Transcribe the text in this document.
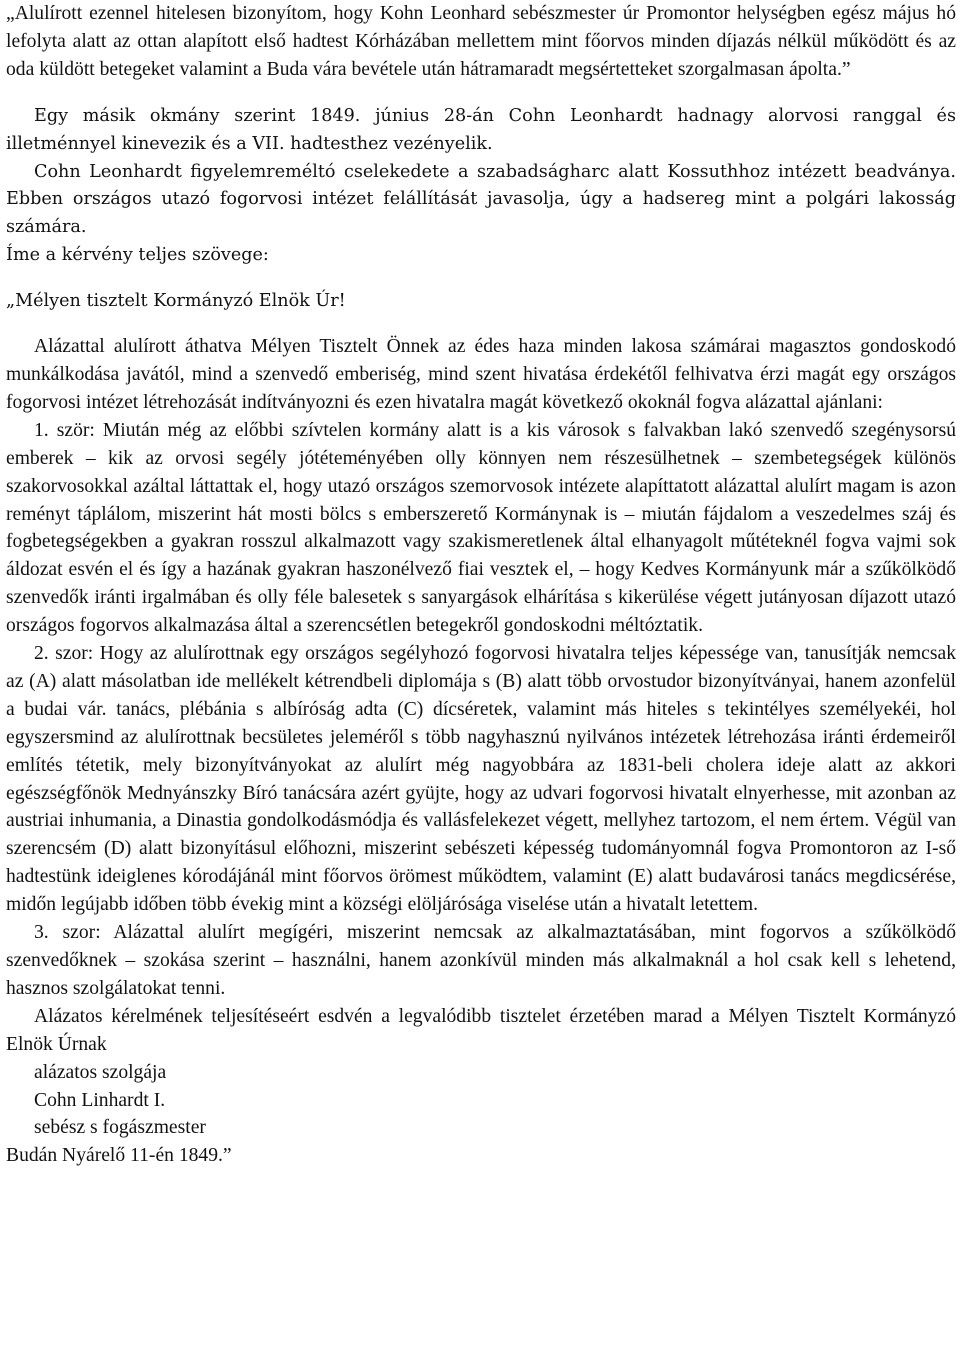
„Alulírott ezennel hitelesen bizonyítom, hogy Kohn Leonhard sebészmester úr Promontor helységben egész május hó lefolyta alatt az ottan alapított első hadtest Kórházában mellettem mint főorvos minden díjazás nélkül működött és az oda küldött betegeket valamint a Buda vára bevétele után hátramaradt megsértetteket szorgalmasan ápolta.”

Egy másik okmány szerint 1849. június 28-án Cohn Leonhardt hadnagy alorvosi ranggal és illetménnyel kinevezik és a VII. hadtesthez vezényelik.

Cohn Leonhardt figyelemreméltó cselekedete a szabadságharc alatt Kossuthhoz intézett beadványa. Ebben országos utazó fogorvosi intézet felállítását javasolja, úgy a hadsereg mint a polgári lakosság számára.

Íme a kérvény teljes szövege:

„Mélyen tisztelt Kormányzó Elnök Úr!

Alázattal alulírott áthatva Mélyen Tisztelt Önnek az édes haza minden lakosa számárai magasztos gondoskodó munkálkodása javától, mind a szenvedő emberiség, mind szent hivatása érdekétől felhivatva érzi magát egy országos fogorvosi intézet létrehozását indítványozni és ezen hivatalra magát következő okoknál fogva alázattal ajánlani:

1. ször: Miután még az előbbi szívtelen kormány alatt is a kis városok s falvakban lakó szenvedő szegénysorsú emberek – kik az orvosi segély jótéteményében olly könnyen nem részesülhetnek – szembetegségek különös szakorvosokkal azáltal láttattak el, hogy utazó országos szemorvosok intézete alapíttatott alázattal alulírt magam is azon reményt táplálom, miszerint hát mosti bölcs s emberszerető Kormánynak is – miután fájdalom a veszedelmes száj és fogbetegségekben a gyakran rosszul alkalmazott vagy szakismeretlenek által elhanyagolt műtéteknél fogva vajmi sok áldozat esvén el és így a hazának gyakran haszonélvező fiai vesztek el, – hogy Kedves Kormányunk már a szűkölködő szenvedők iránti irgalmában és olly féle balesetek s sanyargások elhárítása s kikerülése végett jutányosan díjazott utazó országos fogorvos alkalmazása által a szerencsétlen betegekről gondoskodni méltóztatik.

2. szor: Hogy az alulírottnak egy országos segélyhozó fogorvosi hivatalra teljes képessége van, tanusítják nemcsak az (A) alatt másolatban ide mellékelt kétrendbeli diplomája s (B) alatt több orvostudor bizonyítványai, hanem azonfelül a budai vár. tanács, plébánia s albíróság adta (C) dícséretek, valamint más hiteles s tekintélyes személyekéi, hol egyszersmind az alulírottnak becsületes jeleméről s több nagyhasznú nyilvános intézetek létrehozása iránti érdemeiről említés tétetik, mely bizonyítványokat az alulírt még nagyobbára az 1831-beli cholera ideje alatt az akkori egészségfőnök Mednyánszky Bíró tanácsára azért gyüjte, hogy az udvari fogorvosi hivatalt elnyerhesse, mit azonban az austriai inhumania, a Dinastia gondolkodásmódja és vallásfelekezet végett, mellyhez tartozom, el nem értem. Végül van szerencsém (D) alatt bizonyításul előhozni, miszerint sebészeti képesség tudományomnál fogva Promontoron az I-ső hadtestünk ideiglenes kórodájánál mint főorvos örömest működtem, valamint (E) alatt budavárosi tanács megdicsérése, midőn legújabb időben több évekig mint a községi elöljárósága viselése után a hivatalt letettem.

3. szor: Alázattal alulírt megígéri, miszerint nemcsak az alkalmaztatásában, mint fogorvos a szűkölködő szenvedőknek – szokása szerint – használni, hanem azonkívül minden más alkalmaknál a hol csak kell s lehetend, hasznos szolgálatokat tenni.

Alázatos kérelmének teljesítéseért esdvén a legvalódibb tisztelet érzetében marad a Mélyen Tisztelt Kormányzó Elnök Úrnak

alázatos szolgája

Cohn Linhardt I.

sebész s fogászmester

Budán Nyárelő 11-én 1849.”
